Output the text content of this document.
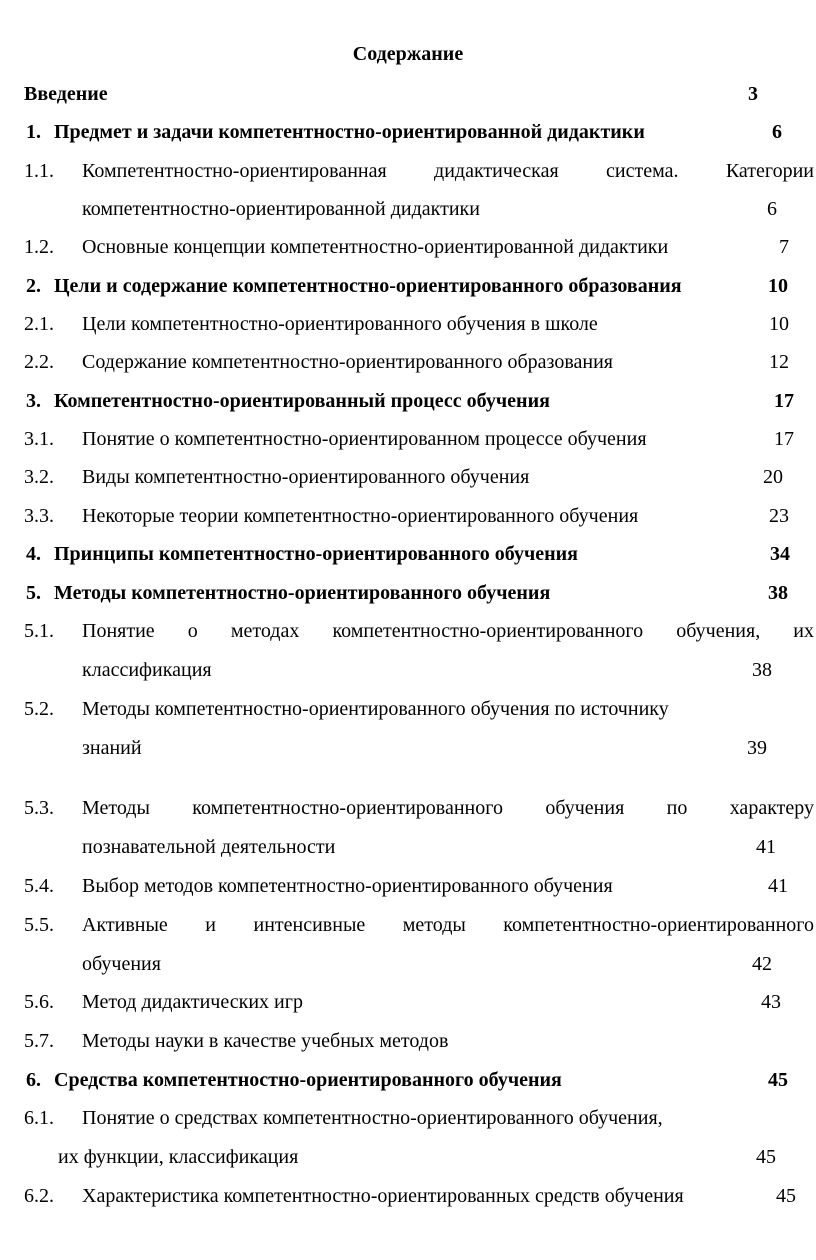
Содержание
Введение	3
1. Предмет и задачи компетентностно-ориентированной дидактики	6
1.1. Компетентностно-ориентированная дидактическая система. Категории
компетентностно-ориентированной дидактики	6
1.2. Основные концепции компетентностно-ориентированной дидактики	7
2. Цели и содержание компетентностно-ориентированного образования	10
2.1. Цели компетентностно-ориентированного обучения в школе	10
2.2. Содержание компетентностно-ориентированного образования	12
3. Компетентностно-ориентированный процесс обучения	17
3.1. Понятие о компетентностно-ориентированном процессе обучения	17
3.2. Виды компетентностно-ориентированного обучения	20
3.3. Некоторые теории компетентностно-ориентированного обучения	23
4. Принципы компетентностно-ориентированного обучения	34
5. Методы компетентностно-ориентированного обучения	38
5.1. Понятие о методах компетентностно-ориентированного обучения, их
классификация	38
5.2. Методы компетентностно-ориентированного обучения по источнику
знаний	39
5.3. Методы компетентностно-ориентированного обучения по характеру
познавательной деятельности	41
5.4. Выбор методов компетентностно-ориентированного обучения	41
5.5. Активные и интенсивные методы компетентностно-ориентированного
обучения	42
5.6. Метод дидактических игр	43
5.7. Методы науки в качестве учебных методов
6. Средства компетентностно-ориентированного обучения	45
6.1. Понятие о средствах компетентностно-ориентированного обучения,
их функции, классификация	45
6.2. Характеристика компетентностно-ориентированных средств обучения	45
